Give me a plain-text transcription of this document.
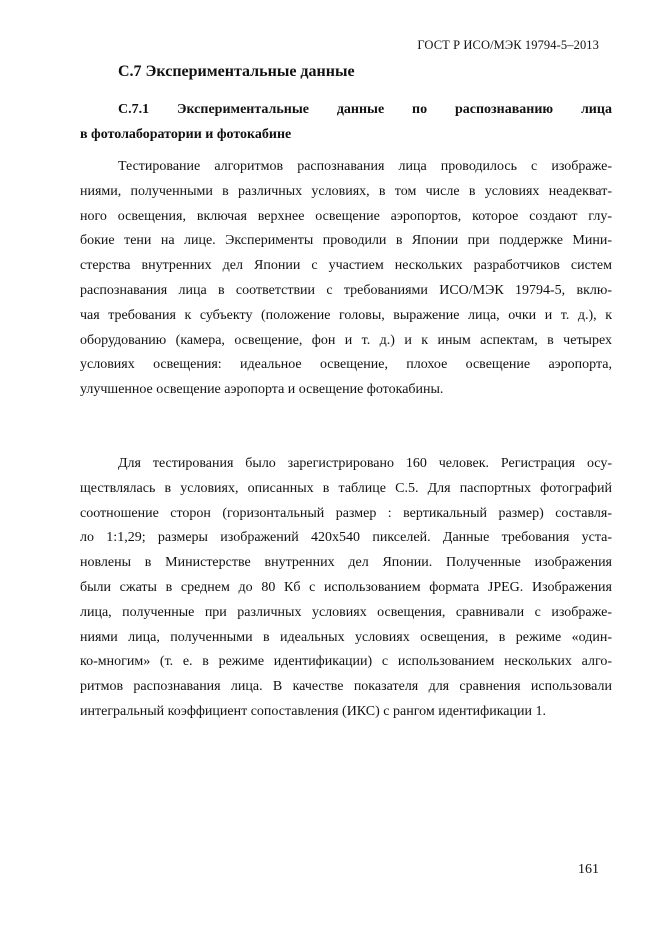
ГОСТ Р ИСО/МЭК 19794-5–2013
С.7 Экспериментальные данные
С.7.1 Экспериментальные данные по распознаванию лица
в фотолаборатории и фотокабине
Тестирование алгоритмов распознавания лица проводилось с изображе-
ниями, полученными в различных условиях, в том числе в условиях неадекват-
ного освещения, включая верхнее освещение аэропортов, которое создают глу-
бокие тени на лице. Эксперименты проводили в Японии при поддержке Мини-
стерства внутренних дел Японии с участием нескольких разработчиков систем
распознавания лица в соответствии с требованиями ИСО/МЭК 19794-5, вклю-
чая требования к субъекту (положение головы, выражение лица, очки и т. д.), к
оборудованию (камера, освещение, фон и т. д.) и к иным аспектам, в четырех
условиях освещения: идеальное освещение, плохое освещение аэропорта,
улучшенное освещение аэропорта и освещение фотокабины.
Для тестирования было зарегистрировано 160 человек. Регистрация осу-
ществлялась в условиях, описанных в таблице С.5. Для паспортных фотографий
соотношение сторон (горизонтальный размер : вертикальный размер) составля-
ло 1:1,29; размеры изображений 420х540 пикселей. Данные требования уста-
новлены в Министерстве внутренних дел Японии. Полученные изображения
были сжаты в среднем до 80 Кб с использованием формата JPEG. Изображения
лица, полученные при различных условиях освещения, сравнивали с изображе-
ниями лица, полученными в идеальных условиях освещения, в режиме «один-
ко-многим» (т. е. в режиме идентификации) с использованием нескольких алго-
ритмов распознавания лица. В качестве показателя для сравнения использовали
интегральный коэффициент сопоставления (ИКС) с рангом идентификации 1.
161
